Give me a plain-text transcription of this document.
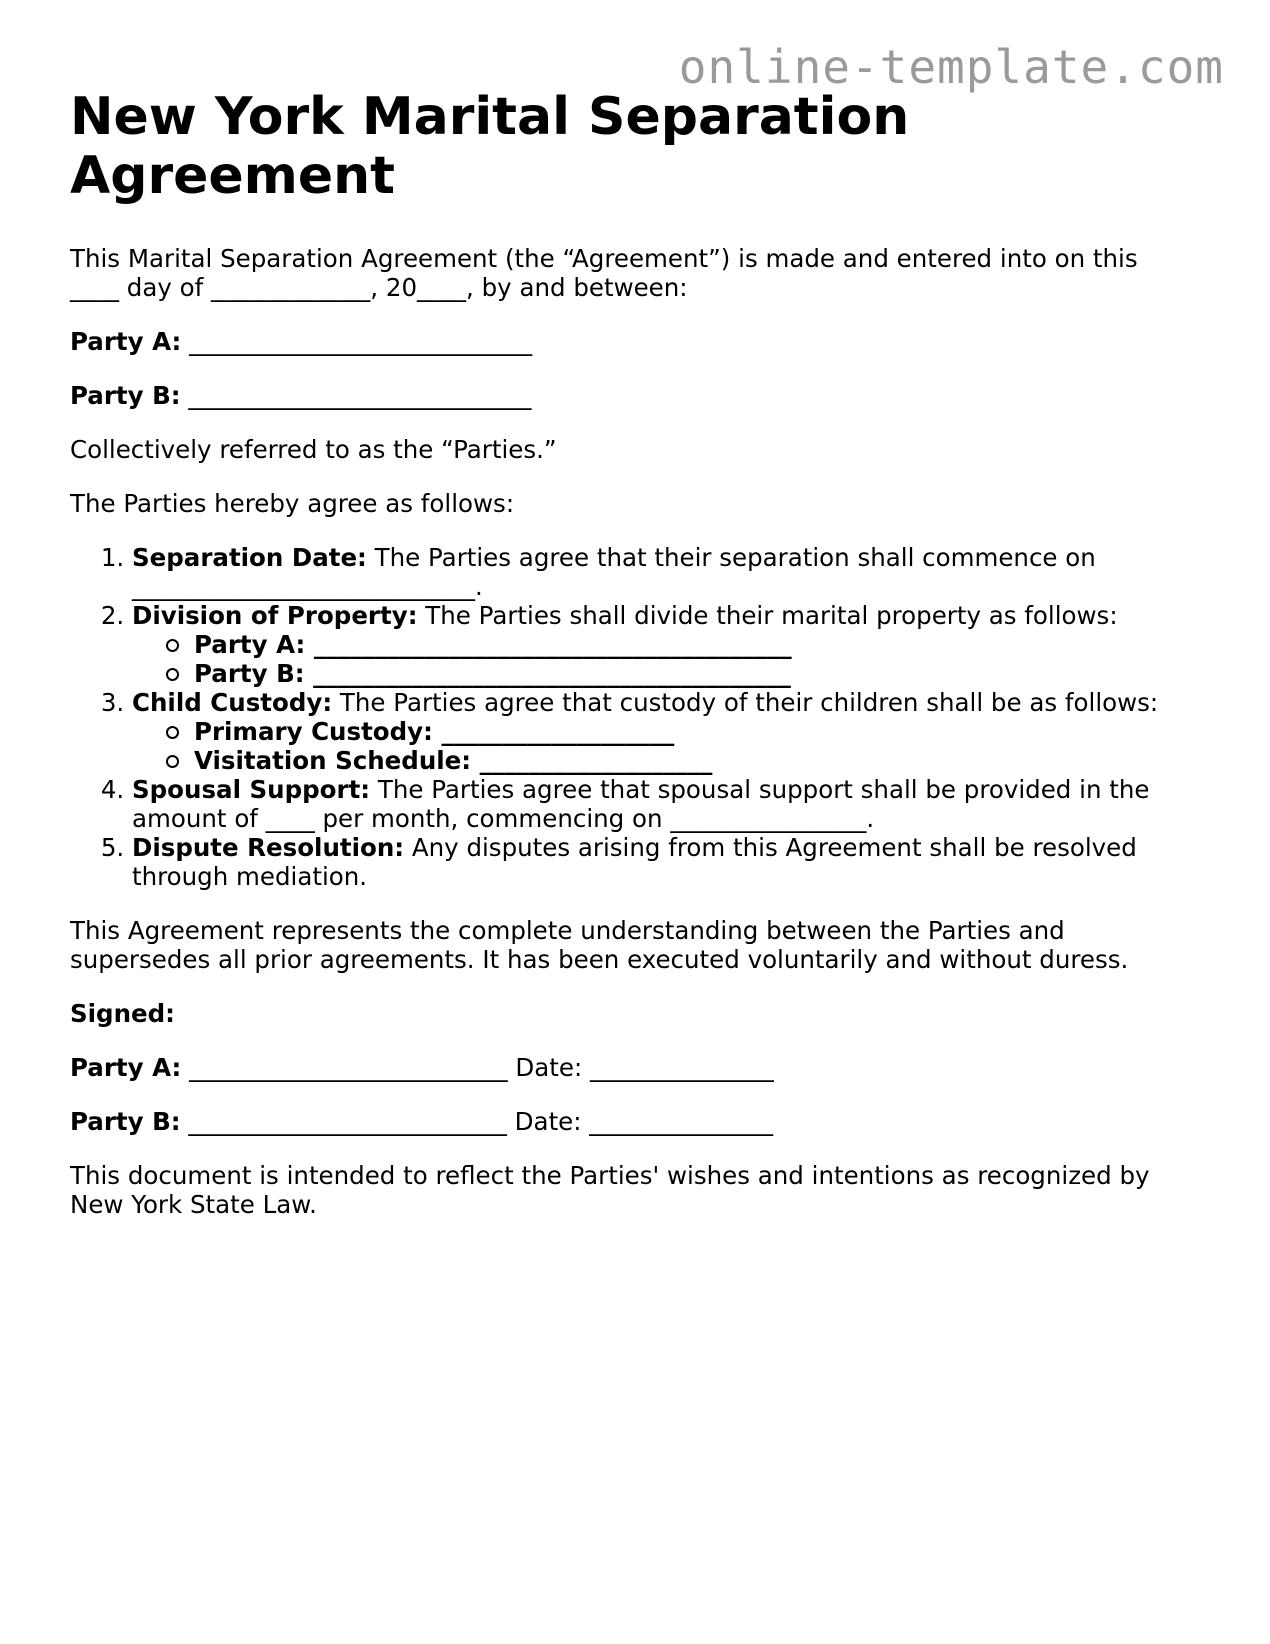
online-template.com
New York Marital Separation Agreement

This Marital Separation Agreement (the “Agreement”) is made and entered into on this
____ day of _____________, 20____, by and between:

Party A: ____________________________

Party B: ____________________________

Collectively referred to as the “Parties.”

The Parties hereby agree as follows:

1. Separation Date: The Parties agree that their separation shall commence on ____________________________.
2. Division of Property: The Parties shall divide their marital property as follows:
Party A: _______________________________________
Party B: _______________________________________
3. Child Custody: The Parties agree that custody of their children shall be as follows:
Primary Custody: ___________________
Visitation Schedule: ___________________
4. Spousal Support: The Parties agree that spousal support shall be provided in the amount of ____ per month, commencing on ________________.
5. Dispute Resolution: Any disputes arising from this Agreement shall be resolved through mediation.

This Agreement represents the complete understanding between the Parties and supersedes all prior agreements. It has been executed voluntarily and without duress.

Signed:

Party A: __________________________ Date: _______________

Party B: __________________________ Date: _______________

This document is intended to reflect the Parties' wishes and intentions as recognized by New York State Law.
